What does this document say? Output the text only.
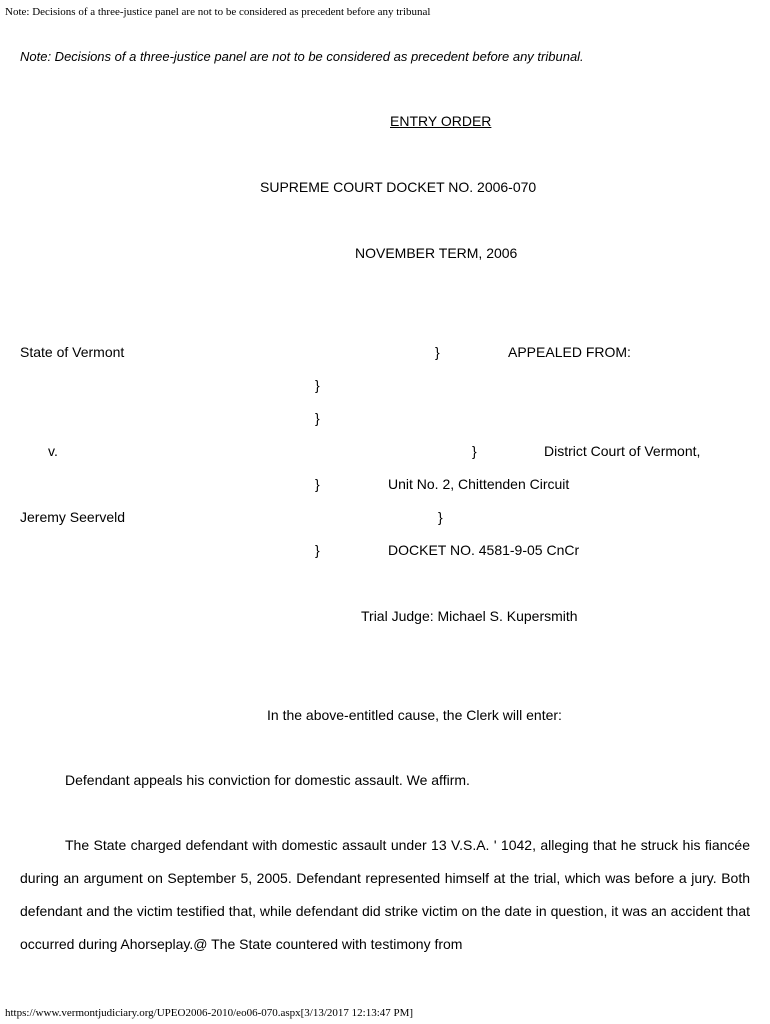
Note: Decisions of a three-justice panel are not to be considered as precedent before any tribunal
Note: Decisions of a three-justice panel are not to be considered as precedent before any tribunal.
ENTRY ORDER
SUPREME COURT DOCKET NO. 2006-070
NOVEMBER TERM, 2006
State of Vermont	}	APPEALED FROM:
}
}
v.	}	District Court of Vermont,
}	Unit No. 2, Chittenden Circuit
Jeremy Seerveld	}
}	DOCKET NO. 4581-9-05 CnCr
Trial Judge: Michael S. Kupersmith
In the above-entitled cause, the Clerk will enter:
Defendant appeals his conviction for domestic assault. We affirm.

The State charged defendant with domestic assault under 13 V.S.A. ' 1042, alleging that he struck his fiancée during an argument on September 5, 2005. Defendant represented himself at the trial, which was before a jury. Both defendant and the victim testified that, while defendant did strike victim on the date in question, it was an accident that occurred during Ahorseplay.@ The State countered with testimony from

https://www.vermontjudiciary.org/UPEO2006-2010/eo06-070.aspx[3/13/2017 12:13:47 PM]
